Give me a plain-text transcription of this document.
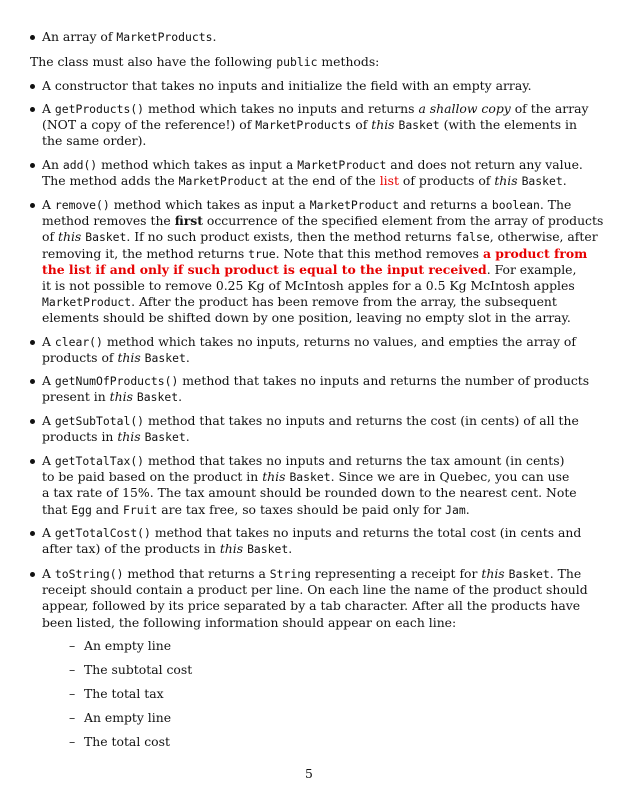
An array of MarketProducts.
The class must also have the following public methods:
A constructor that takes no inputs and initialize the field with an empty array.
A getProducts() method which takes no inputs and returns a shallow copy of the array
(NOT a copy of the reference!) of MarketProducts of this Basket (with the elements in
the same order).
An add() method which takes as input a MarketProduct and does not return any value.
The method adds the MarketProduct at the end of the list of products of this Basket.
A remove() method which takes as input a MarketProduct and returns a boolean. The
method removes the first occurrence of the specified element from the array of products
of this Basket. If no such product exists, then the method returns false, otherwise, after
removing it, the method returns true. Note that this method removes a product from
the list if and only if such product is equal to the input received. For example,
it is not possible to remove 0.25 Kg of McIntosh apples for a 0.5 Kg McIntosh apples
MarketProduct. After the product has been remove from the array, the subsequent
elements should be shifted down by one position, leaving no empty slot in the array.
A clear() method which takes no inputs, returns no values, and empties the array of
products of this Basket.
A getNumOfProducts() method that takes no inputs and returns the number of products
present in this Basket.
A getSubTotal() method that takes no inputs and returns the cost (in cents) of all the
products in this Basket.
A getTotalTax() method that takes no inputs and returns the tax amount (in cents)
to be paid based on the product in this Basket. Since we are in Quebec, you can use
a tax rate of 15%. The tax amount should be rounded down to the nearest cent. Note
that Egg and Fruit are tax free, so taxes should be paid only for Jam.
A getTotalCost() method that takes no inputs and returns the total cost (in cents and
after tax) of the products in this Basket.
A toString() method that returns a String representing a receipt for this Basket. The
receipt should contain a product per line. On each line the name of the product should
appear, followed by its price separated by a tab character. After all the products have
been listed, the following information should appear on each line:
– An empty line
– The subtotal cost
– The total tax
– An empty line
– The total cost
5
